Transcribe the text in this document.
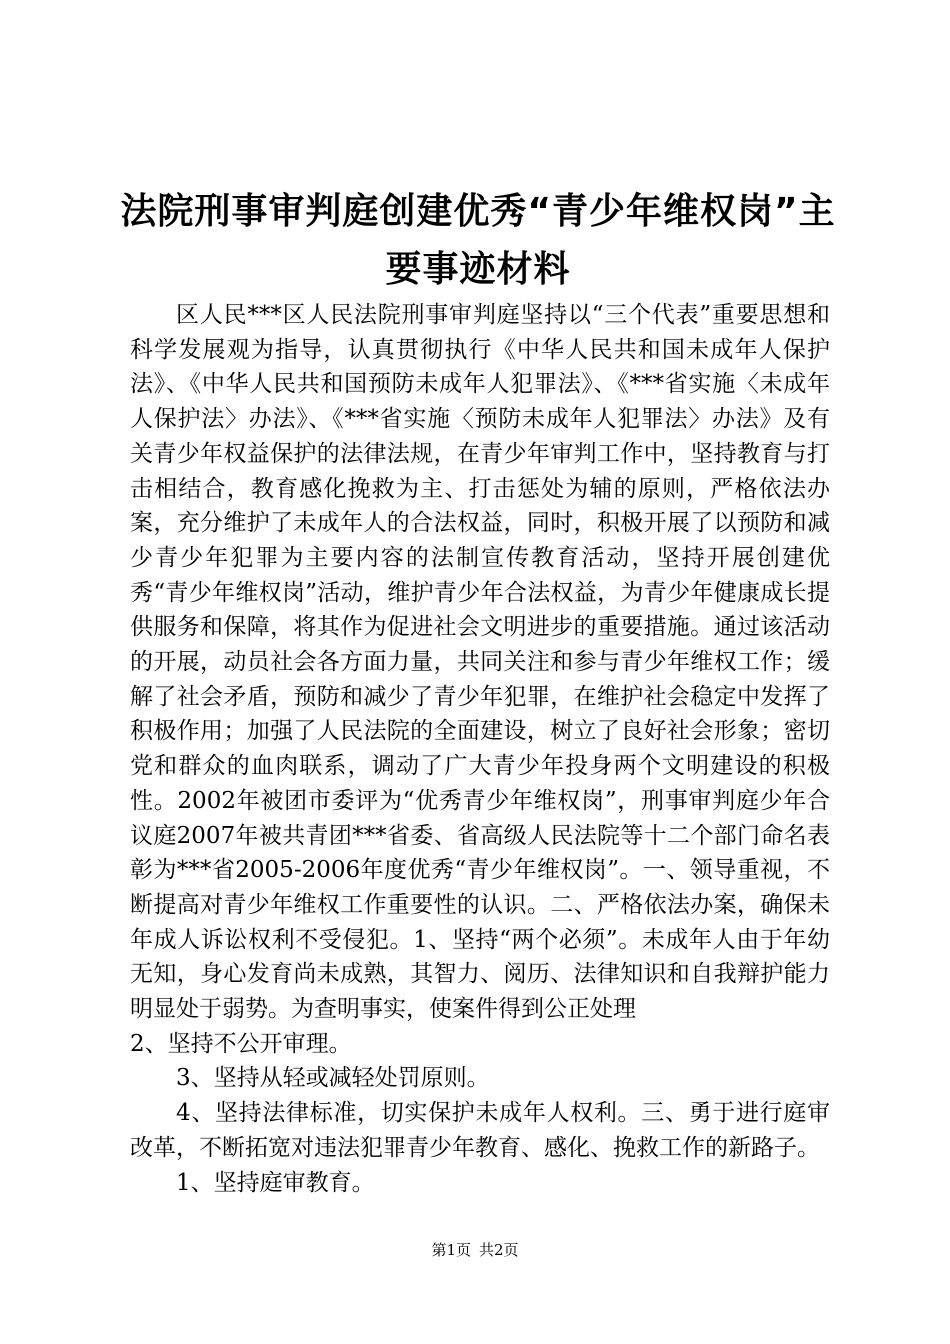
法院刑事审判庭创建优秀“青少年维权岗”主要事迹材料

区人民***区人民法院刑事审判庭坚持以“三个代表”重要思想和科学发展观为指导，认真贯彻执行《中华人民共和国未成年人保护法》、《中华人民共和国预防未成年人犯罪法》、《***省实施〈未成年人保护法〉办法》、《***省实施〈预防未成年人犯罪法〉办法》及有关青少年权益保护的法律法规，在青少年审判工作中，坚持教育与打击相结合，教育感化挽救为主、打击惩处为辅的原则，严格依法办案，充分维护了未成年人的合法权益，同时，积极开展了以预防和减少青少年犯罪为主要内容的法制宣传教育活动，坚持开展创建优秀“青少年维权岗”活动，维护青少年合法权益，为青少年健康成长提供服务和保障，将其作为促进社会文明进步的重要措施。通过该活动的开展，动员社会各方面力量，共同关注和参与青少年维权工作；缓解了社会矛盾，预防和减少了青少年犯罪，在维护社会稳定中发挥了积极作用；加强了人民法院的全面建设，树立了良好社会形象；密切党和群众的血肉联系，调动了广大青少年投身两个文明建设的积极性。2002年被团市委评为“优秀青少年维权岗”，刑事审判庭少年合议庭2007年被共青团***省委、省高级人民法院等十二个部门命名表彰为***省2005-2006年度优秀“青少年维权岗”。一、领导重视，不断提高对青少年维权工作重要性的认识。二、严格依法办案，确保未年成人诉讼权利不受侵犯。1、坚持“两个必须”。未成年人由于年幼无知，身心发育尚未成熟，其智力、阅历、法律知识和自我辩护能力明显处于弱势。为查明事实，使案件得到公正处理

2、坚持不公开审理。

3、坚持从轻或减轻处罚原则。

4、坚持法律标准，切实保护未成年人权利。三、勇于进行庭审改革，不断拓宽对违法犯罪青少年教育、感化、挽救工作的新路子。

1、坚持庭审教育。

第1页 共2页
